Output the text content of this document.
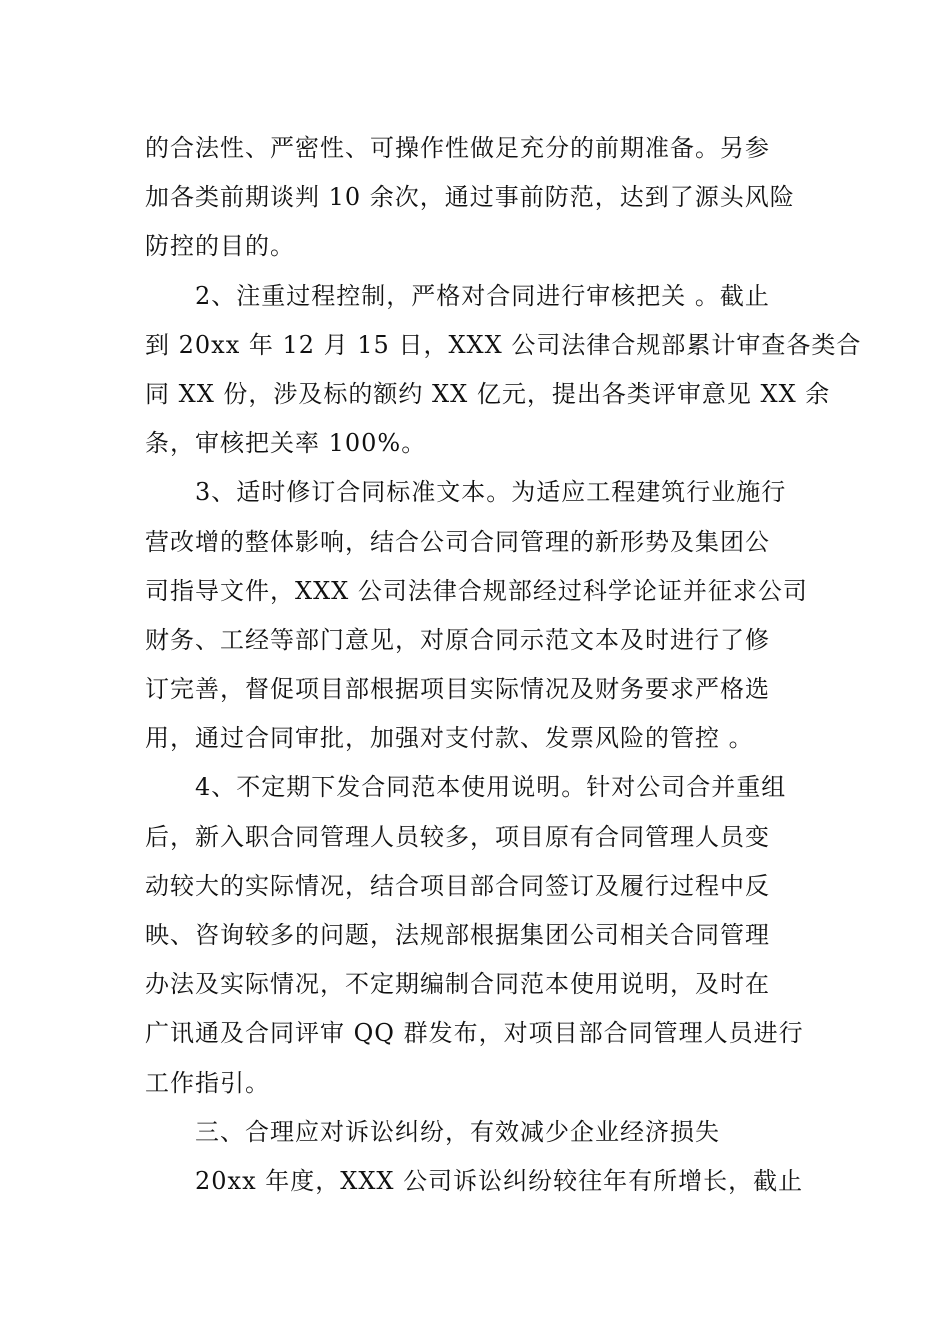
的合法性、严密性、可操作性做足充分的前期准备。另参
加各类前期谈判 10 余次，通过事前防范，达到了源头风险
防控的目的。
2、注重过程控制，严格对合同进行审核把关 。截止
到 20xx 年 12 月 15 日，XXX 公司法律合规部累计审查各类合
同 XX 份，涉及标的额约 XX 亿元，提出各类评审意见 XX 余
条，审核把关率 100%。
3、适时修订合同标准文本。为适应工程建筑行业施行
营改增的整体影响，结合公司合同管理的新形势及集团公
司指导文件，XXX 公司法律合规部经过科学论证并征求公司
财务、工经等部门意见，对原合同示范文本及时进行了修
订完善，督促项目部根据项目实际情况及财务要求严格选
用，通过合同审批，加强对支付款、发票风险的管控 。
4、不定期下发合同范本使用说明。针对公司合并重组
后，新入职合同管理人员较多，项目原有合同管理人员变
动较大的实际情况，结合项目部合同签订及履行过程中反
映、咨询较多的问题，法规部根据集团公司相关合同管理
办法及实际情况，不定期编制合同范本使用说明，及时在
广讯通及合同评审 QQ 群发布，对项目部合同管理人员进行
工作指引。
三、合理应对诉讼纠纷，有效减少企业经济损失
20xx 年度，XXX 公司诉讼纠纷较往年有所增长，截止
